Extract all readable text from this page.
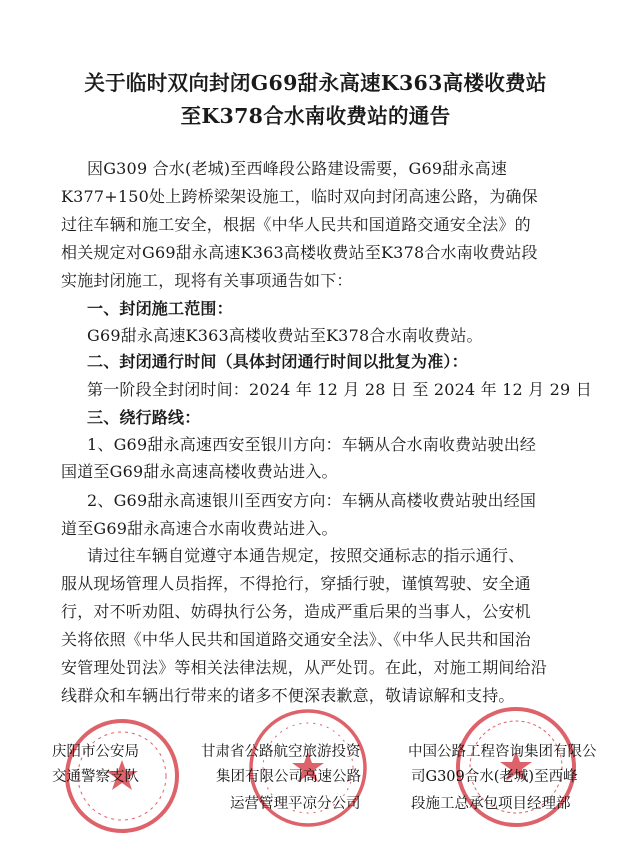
关于临时双向封闭G69甜永高速K363高楼收费站
至K378合水南收费站的通告
因G309 合水(老城)至西峰段公路建设需要，G69甜永高速
K377+150处上跨桥梁架设施工，临时双向封闭高速公路，为确保
过往车辆和施工安全，根据《中华人民共和国道路交通安全法》的
相关规定对G69甜永高速K363高楼收费站至K378合水南收费站段
实施封闭施工，现将有关事项通告如下：
一、封闭施工范围：
G69甜永高速K363高楼收费站至K378合水南收费站。
二、封闭通行时间（具体封闭通行时间以批复为准）：
第一阶段全封闭时间：2024 年 12 月 28 日 至 2024 年 12 月 29 日
三、绕行路线：
1、G69甜永高速西安至银川方向：车辆从合水南收费站驶出经
国道至G69甜永高速高楼收费站进入。
2、G69甜永高速银川至西安方向：车辆从高楼收费站驶出经国
道至G69甜永高速合水南收费站进入。
请过往车辆自觉遵守本通告规定，按照交通标志的指示通行、
服从现场管理人员指挥，不得抢行，穿插行驶，谨慎驾驶、安全通
行，对不听劝阻、妨碍执行公务，造成严重后果的当事人，公安机
关将依照《中华人民共和国道路交通安全法》、《中华人民共和国治
安管理处罚法》等相关法律法规，从严处罚。在此，对施工期间给沿
线群众和车辆出行带来的诸多不便深表歉意，敬请谅解和支持。
庆阳市公安局
交通警察支队
甘肃省公路航空旅游投资
集团有限公司高速公路
运营管理平凉分公司
中国公路工程咨询集团有限公
司G309合水(老城)至西峰
段施工总承包项目经理部
